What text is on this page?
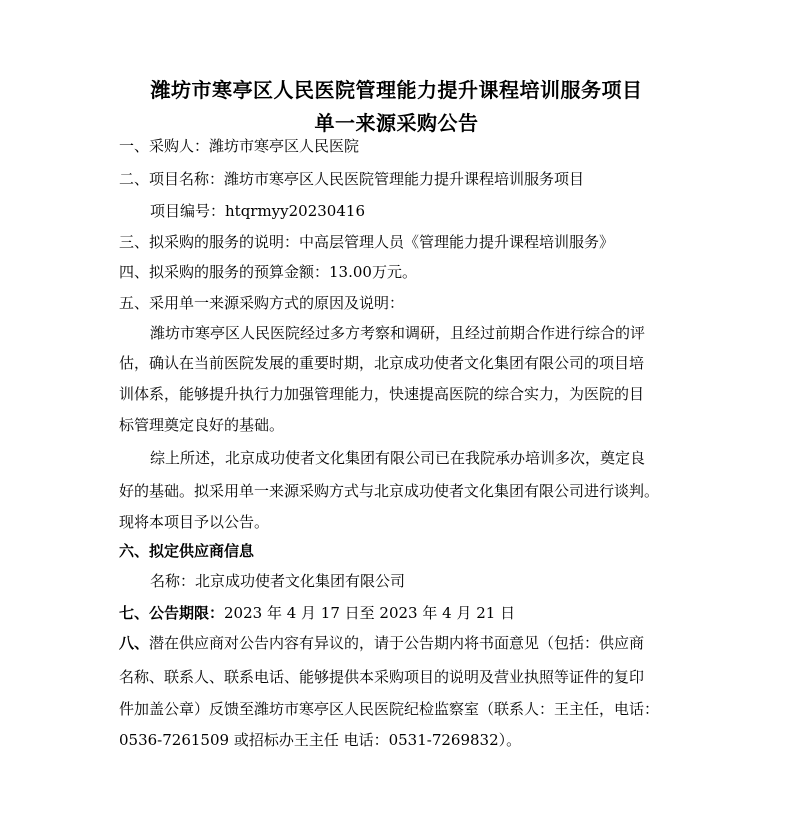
潍坊市寒亭区人民医院管理能力提升课程培训服务项目
单一来源采购公告
一、采购人：潍坊市寒亭区人民医院
二、项目名称：潍坊市寒亭区人民医院管理能力提升课程培训服务项目
项目编号：htqrmyy20230416
三、拟采购的服务的说明：中高层管理人员《管理能力提升课程培训服务》
四、拟采购的服务的预算金额：13.00万元。
五、采用单一来源采购方式的原因及说明：
潍坊市寒亭区人民医院经过多方考察和调研，且经过前期合作进行综合的评
估，确认在当前医院发展的重要时期，北京成功使者文化集团有限公司的项目培
训体系，能够提升执行力加强管理能力，快速提高医院的综合实力，为医院的目
标管理奠定良好的基础。
综上所述，北京成功使者文化集团有限公司已在我院承办培训多次，奠定良
好的基础。拟采用单一来源采购方式与北京成功使者文化集团有限公司进行谈判。
现将本项目予以公告。
六、拟定供应商信息
名称：北京成功使者文化集团有限公司
七、公告期限：2023 年 4 月 17 日至 2023 年 4 月 21 日
八、潜在供应商对公告内容有异议的，请于公告期内将书面意见（包括：供应商
名称、联系人、联系电话、能够提供本采购项目的说明及营业执照等证件的复印
件加盖公章）反馈至潍坊市寒亭区人民医院纪检监察室（联系人：王主任，电话：
0536-7261509 或招标办王主任 电话：0531-7269832）。
